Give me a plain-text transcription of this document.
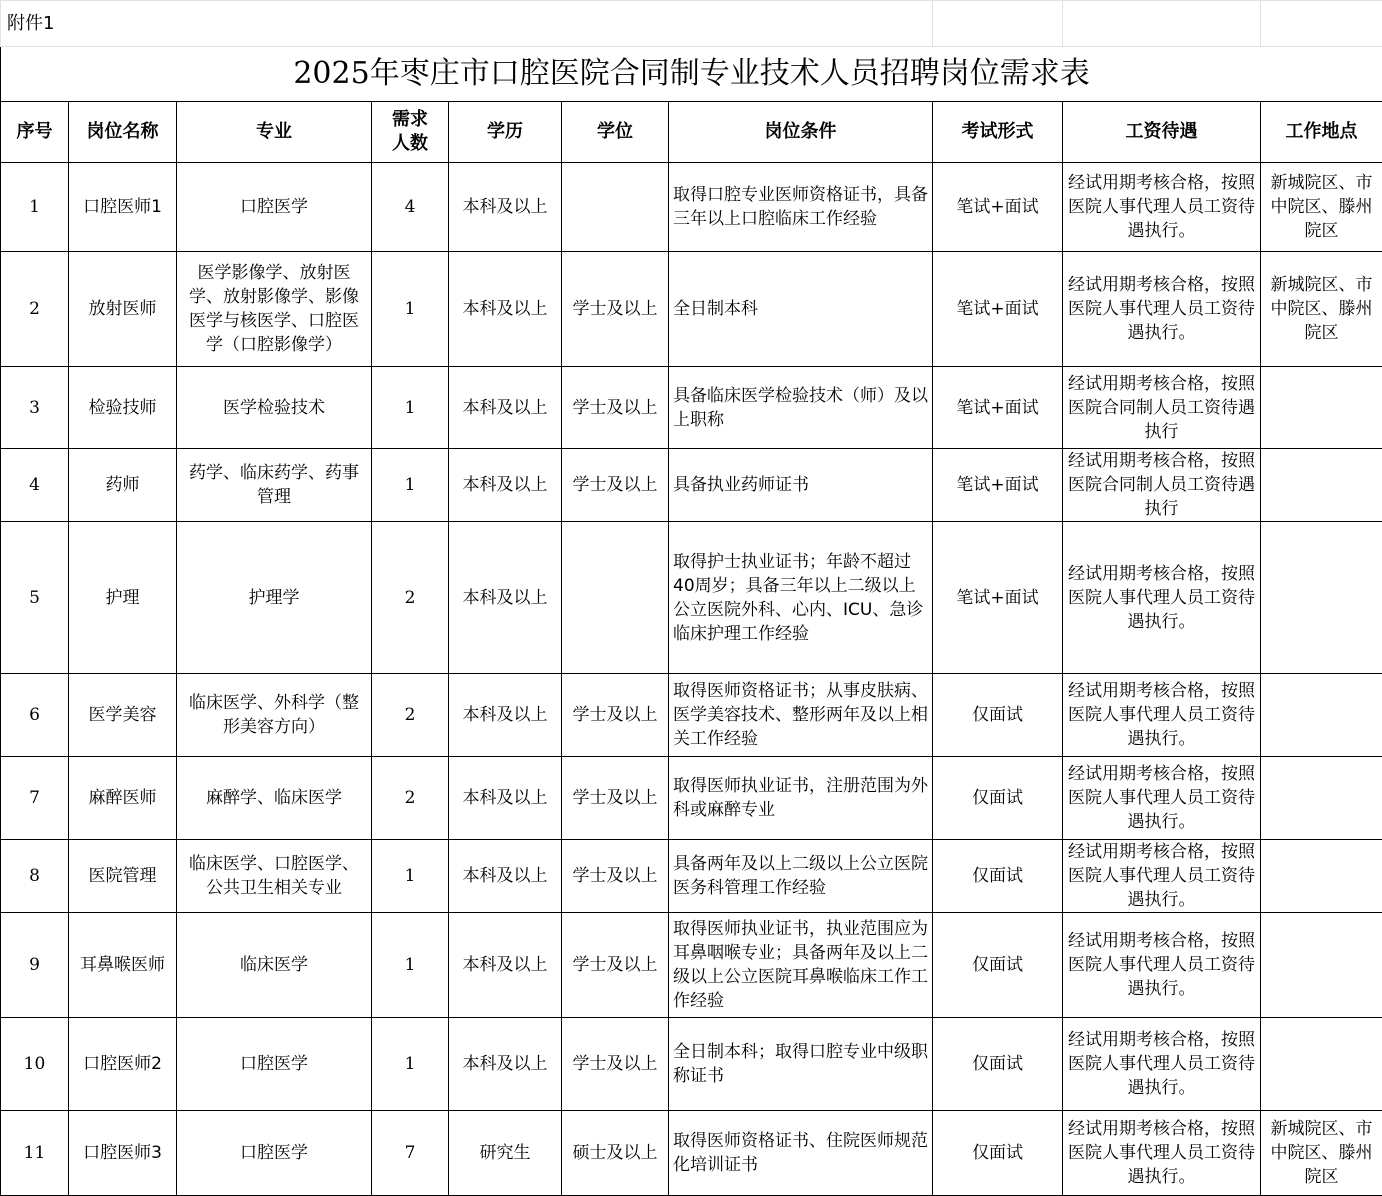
附件1									
2025年枣庄市口腔医院合同制专业技术人员招聘岗位需求表									
序号	岗位名称	专业	需求人数	学历	学位	岗位条件	考试形式	工资待遇	工作地点
1	口腔医师1	口腔医学	4	本科及以上		取得口腔专业医师资格证书，具备三年以上口腔临床工作经验	笔试+面试	经试用期考核合格，按照医院人事代理人员工资待遇执行。	新城院区、市中院区、滕州院区
2	放射医师	医学影像学、放射医学、放射影像学、影像医学与核医学、口腔医学（口腔影像学）	1	本科及以上	学士及以上	全日制本科	笔试+面试	经试用期考核合格，按照医院人事代理人员工资待遇执行。	新城院区、市中院区、滕州院区
3	检验技师	医学检验技术	1	本科及以上	学士及以上	具备临床医学检验技术（师）及以上职称	笔试+面试	经试用期考核合格，按照医院合同制人员工资待遇执行	
4	药师	药学、临床药学、药事管理	1	本科及以上	学士及以上	具备执业药师证书	笔试+面试	经试用期考核合格，按照医院合同制人员工资待遇执行	
5	护理	护理学	2	本科及以上		取得护士执业证书；年龄不超过40周岁；具备三年以上二级以上公立医院外科、心内、ICU、急诊临床护理工作经验	笔试+面试	经试用期考核合格，按照医院人事代理人员工资待遇执行。	
6	医学美容	临床医学、外科学（整形美容方向）	2	本科及以上	学士及以上	取得医师资格证书；从事皮肤病、医学美容技术、整形两年及以上相关工作经验	仅面试	经试用期考核合格，按照医院人事代理人员工资待遇执行。	
7	麻醉医师	麻醉学、临床医学	2	本科及以上	学士及以上	取得医师执业证书，注册范围为外科或麻醉专业	仅面试	经试用期考核合格，按照医院人事代理人员工资待遇执行。	
8	医院管理	临床医学、口腔医学、公共卫生相关专业	1	本科及以上	学士及以上	具备两年及以上二级以上公立医院医务科管理工作经验	仅面试	经试用期考核合格，按照医院人事代理人员工资待遇执行。	
9	耳鼻喉医师	临床医学	1	本科及以上	学士及以上	取得医师执业证书，执业范围应为耳鼻咽喉专业；具备两年及以上二级以上公立医院耳鼻喉临床工作工作经验	仅面试	经试用期考核合格，按照医院人事代理人员工资待遇执行。	
10	口腔医师2	口腔医学	1	本科及以上	学士及以上	全日制本科；取得口腔专业中级职称证书	仅面试	经试用期考核合格，按照医院人事代理人员工资待遇执行。	
11	口腔医师3	口腔医学	7	研究生	硕士及以上	取得医师资格证书、住院医师规范化培训证书	仅面试	经试用期考核合格，按照医院人事代理人员工资待遇执行。	新城院区、市中院区、滕州院区
